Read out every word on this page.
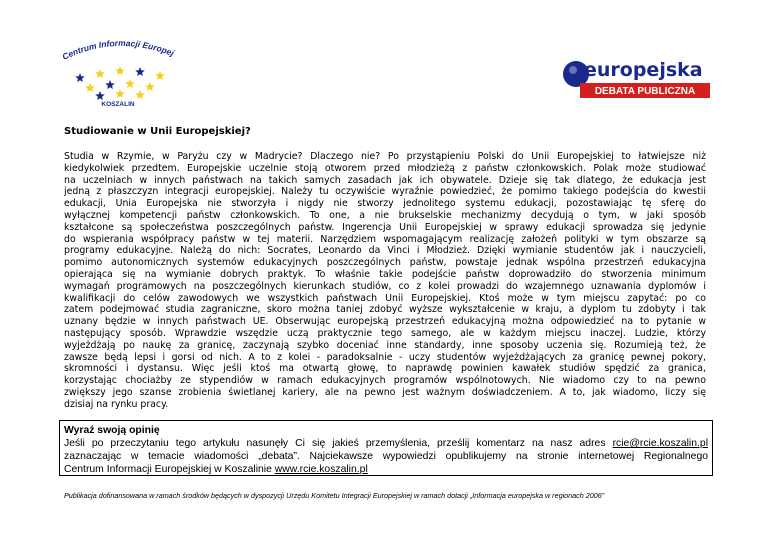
Centrum Informacji Europej
KOSZALIN
europejska
DEBATA PUBLICZNA
Studiowanie w Unii Europejskiej?
Studia w Rzymie, w Paryżu czy w Madrycie? Dlaczego nie? Po przystąpieniu Polski do Unii Europejskiej to łatwiejsze niż
kiedykolwiek przedtem. Europejskie uczelnie stoją otworem przed młodzieżą z państw członkowskich. Polak może studiować
na uczelniach w innych państwach na takich samych zasadach jak ich obywatele. Dzieje się tak dlatego, że edukacja jest
jedną z płaszczyzn integracji europejskiej. Należy tu oczywiście wyraźnie powiedzieć, że pomimo takiego podejścia do kwestii
edukacji, Unia Europejska nie stworzyła i nigdy nie stworzy jednolitego systemu edukacji, pozostawiając tę sferę do
wyłącznej kompetencji państw członkowskich. To one, a nie brukselskie mechanizmy decydują o tym, w jaki sposób
kształcone są społeczeństwa poszczególnych państw. Ingerencja Unii Europejskiej w sprawy edukacji sprowadza się jedynie
do wspierania współpracy państw w tej materii. Narzędziem wspomagającym realizację założeń polityki w tym obszarze są
programy edukacyjne. Należą do nich: Socrates, Leonardo da Vinci i Młodzież. Dzięki wymianie studentów jak i nauczycieli,
pomimo autonomicznych systemów edukacyjnych poszczególnych państw, powstaje jednak wspólna przestrzeń edukacyjna
opierająca się na wymianie dobrych praktyk. To właśnie takie podejście państw doprowadziło do stworzenia minimum
wymagań programowych na poszczególnych kierunkach studiów, co z kolei prowadzi do wzajemnego uznawania dyplomów i
kwalifikacji do celów zawodowych we wszystkich państwach Unii Europejskiej. Ktoś może w tym miejscu zapytać: po co
zatem podejmować studia zagraniczne, skoro można taniej zdobyć wyższe wykształcenie w kraju, a dyplom tu zdobyty i tak
uznany będzie w innych państwach UE. Obserwując europejską przestrzeń edukacyjną można odpowiedzieć na to pytanie w
następujący sposób. Wprawdzie wszędzie uczą praktycznie tego samego, ale w każdym miejscu inaczej. Ludzie, którzy
wyjeżdżają po naukę za granicę, zaczynają szybko doceniać inne standardy, inne sposoby uczenia się. Rozumieją też, że
zawsze będą lepsi i gorsi od nich. A to z kolei - paradoksalnie - uczy studentów wyjeżdżających za granicę pewnej pokory,
skromności i dystansu. Więc jeśli ktoś ma otwartą głowę, to naprawdę powinien kawałek studiów spędzić za granica,
korzystając chociażby ze stypendiów w ramach edukacyjnych programów wspólnotowych. Nie wiadomo czy to na pewno
zwiększy jego szanse zrobienia świetlanej kariery, ale na pewno jest ważnym doświadczeniem. A to, jak wiadomo, liczy się
dzisiaj na rynku pracy.
Wyraź swoją opinię
Jeśli po przeczytaniu tego artykułu nasunęły Ci się jakieś przemyślenia, prześlij komentarz na nasz adres rcie@rcie.koszalin.pl
zaznaczając w temacie wiadomości „debata”. Najciekawsze wypowiedzi opublikujemy na stronie internetowej Regionalnego
Centrum Informacji Europejskiej w Koszalinie www.rcie.koszalin.pl
Publikacja dofinansowana w ramach środków będących w dyspozycji Urzędu Komitetu Integracji Europejskiej w ramach dotacji „Informacja europejska w regionach 2006”
